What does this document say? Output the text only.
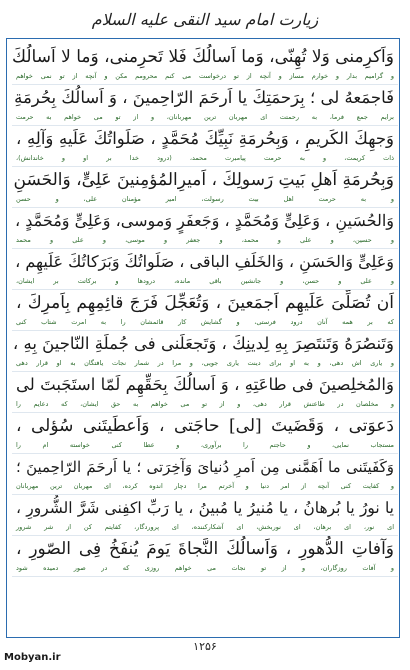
زیارت امام سید النقی علیه السلام
وَاَكرِمنی وَلا تُهِنّی، وَما اَسالُكَ فَلا تَحرِمنی، وَما لا اَسالُكَ
و گرامیم بدار و خوارم مساز و آنچه از تو درخواست می کنم محرومم مکن و آنچه از تو نمی خواهم
فَاجمَعهُ لی ؛ بِرَحمَتِكَ یا اَرحَمَ الرّاحِمینَ ، وَ اَسالُكَ بِحُرمَةِ
برایم جمع فرما، به رحمتت ای مهربان ترین مهربانان، و از تو می خواهم به حرمت
وَجهِكَ الكَریمِ ، وَبِحُرمَةِ نَبِیِّكَ مُحَمَّدٍ ، صَلَواتُكَ عَلَیهِ وَآلِهِ ،
ذات کریمت، و به حرمت پیامبرت محمد، (درود خدا بر او و خاندانش)،
وَبِحُرمَةِ اَهلِ بَیتِ رَسولِكَ ، اَمیرِالمُؤمِنینَ عَلِیٍّ، وَالحَسَنِ
و به حرمت اهل بیت رسولت، امیر مؤمنان علی، و حسن
وَالحُسَینِ ، وَعَلِیٍّ وَمُحَمَّدٍ ، وَجَعفَرٍ وَموسی، وَعَلِیٍّ وَمُحَمَّدٍ ،
و حسین، و علی و محمد، و جعفر و موسی، و علی و محمد
وَعَلِیٍّ وَالحَسَنِ ، وَالخَلَفِ الباقی ، صَلَواتُكَ وَبَرَكاتُكَ عَلَیهِم ،
و علی و حسن، و جانشین باقی مانده، درودها و برکاتت بر ایشان،
اَن تُصَلِّیَ عَلَیهِم اَجمَعینَ ، وَتُعَجِّلَ فَرَجَ قائِمِهِم بِاَمرِكَ ،
که بر همه آنان درود فرستی، و گشایش کار قائمشان را به امرت شتاب کنی
وَتَنصُرَهُ وَتَنتَصِرَ بِهِ لِدینِكَ ، وَتَجعَلَنی فی جُملَةِ النّاجینَ بِهِ ،
و یاری اش دهی، و به او برای دینت یاری جویی، و مرا در شمار نجات یافتگان به او قرار دهی
وَالمُخلِصینَ فی طاعَتِهِ ، وَ اَسالُكَ بِحَقِّهِم لَمّا استَجَبتَ لی
و مخلصان در طاعتش قرار دهی، و از تو می خواهم به حق ایشان، که دعایم را
دَعوَتی ، وَقَضَیتَ [لی] حاجَتی ، وَاَعطَیتَنی سُؤلی ،
مستجاب نمایی، و حاجتم را برآوری، و عطا کنی خواسته ام را
وَكَفَیتَنی ما اَهَمَّنی مِن اَمرِ دُنیایَ وَآخِرَتی ؛ یا اَرحَمَ الرّاحِمینَ ؛
و کفایت کنی آنچه از امر دنیا و آخرتم مرا دچار اندوه کرده، ای مهربان ترین مهربانان
یا نورُ یا بُرهانُ ، یا مُنیرُ یا مُبینُ ، یا رَبِّ اكفِنی شَرَّ الشُّرورِ ،
ای نور، ای برهان، ای نوربخش، ای آشکارکننده، ای پروردگار، کفایتم کن از شر شرور
وَآفاتِ الدُّهورِ ، وَاَسالُكَ النَّجاةَ یَومَ یُنفَخُ فِی الصّورِ ،
و آفات روزگاران، و از تو نجات می خواهم روزی که در صور دمیده شود
۱۲۵۶
Mobyan.ir
